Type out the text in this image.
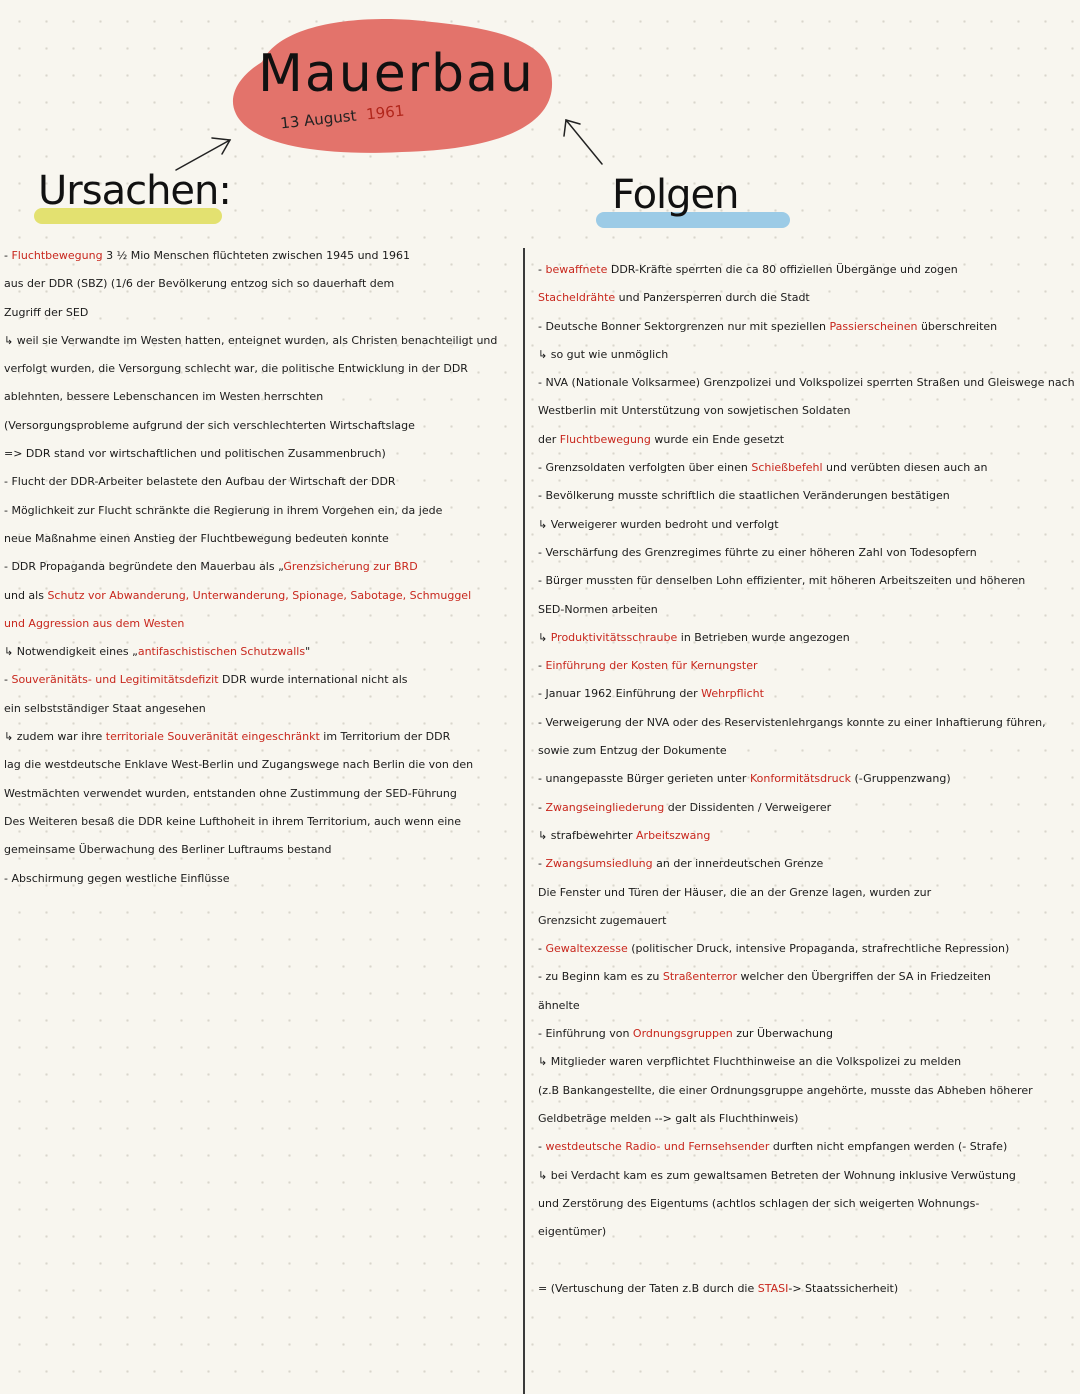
Mauerbau
13 August 1961
Ursachen:	Folgen
- Fluchtbewegung 3 ½ Mio Menschen flüchteten zwischen 1945 und 1961
aus der DDR (SBZ) (1/6 der Bevölkerung entzog sich so dauerhaft dem
Zugriff der SED
↳ weil sie Verwandte im Westen hatten, enteignet wurden, als Christen benachteiligt und
verfolgt wurden, die Versorgung schlecht war, die politische Entwicklung in der DDR
ablehnten, bessere Lebenschancen im Westen herrschten
(Versorgungsprobleme aufgrund der sich verschlechterten Wirtschaftslage
=> DDR stand vor wirtschaftlichen und politischen Zusammenbruch)
- Flucht der DDR-Arbeiter belastete den Aufbau der Wirtschaft der DDR
- Möglichkeit zur Flucht schränkte die Regierung in ihrem Vorgehen ein, da jede
neue Maßnahme einen Anstieg der Fluchtbewegung bedeuten konnte
- DDR Propaganda begründete den Mauerbau als „Grenzsicherung zur BRD
und als Schutz vor Abwanderung, Unterwanderung, Spionage, Sabotage, Schmuggel
und Aggression aus dem Westen
↳ Notwendigkeit eines „antifaschistischen Schutzwalls"
- Souveränitäts- und Legitimitätsdefizit DDR wurde international nicht als
ein selbstständiger Staat angesehen
↳ zudem war ihre territoriale Souveränität eingeschränkt im Territorium der DDR
lag die westdeutsche Enklave West-Berlin und Zugangswege nach Berlin die von den
Westmächten verwendet wurden, entstanden ohne Zustimmung der SED-Führung
Des Weiteren besaß die DDR keine Lufthoheit in ihrem Territorium, auch wenn eine
gemeinsame Überwachung des Berliner Luftraums bestand
- Abschirmung gegen westliche Einflüsse
- bewaffnete DDR-Kräfte sperrten die ca 80 offiziellen Übergänge und zogen
Stacheldrähte und Panzersperren durch die Stadt
- Deutsche Bonner Sektorgrenzen nur mit speziellen Passierscheinen überschreiten
↳ so gut wie unmöglich
- NVA (Nationale Volksarmee) Grenzpolizei und Volkspolizei sperrten Straßen und Gleiswege nach
Westberlin mit Unterstützung von sowjetischen Soldaten
der Fluchtbewegung wurde ein Ende gesetzt
- Grenzsoldaten verfolgten über einen Schießbefehl und verübten diesen auch an
- Bevölkerung musste schriftlich die staatlichen Veränderungen bestätigen
↳ Verweigerer wurden bedroht und verfolgt
- Verschärfung des Grenzregimes führte zu einer höheren Zahl von Todesopfern
- Bürger mussten für denselben Lohn effizienter, mit höheren Arbeitszeiten und höheren
SED-Normen arbeiten
↳ Produktivitätsschraube in Betrieben wurde angezogen
- Einführung der Kosten für Kernungster
- Januar 1962 Einführung der Wehrpflicht
- Verweigerung der NVA oder des Reservistenlehrgangs konnte zu einer Inhaftierung führen,
sowie zum Entzug der Dokumente
- unangepasste Bürger gerieten unter Konformitätsdruck (-Gruppenzwang)
- Zwangseingliederung der Dissidenten / Verweigerer
↳ strafbewehrter Arbeitszwang
- Zwangsumsiedlung an der innerdeutschen Grenze
Die Fenster und Türen der Häuser, die an der Grenze lagen, wurden zur
Grenzsicht zugemauert
- Gewaltexzesse (politischer Druck, intensive Propaganda, strafrechtliche Repression)
- zu Beginn kam es zu Straßenterror welcher den Übergriffen der SA in Friedzeiten
ähnelte
- Einführung von Ordnungsgruppen zur Überwachung
↳ Mitglieder waren verpflichtet Fluchthinweise an die Volkspolizei zu melden
(z.B Bankangestellte, die einer Ordnungsgruppe angehörte, musste das Abheben höherer
Geldbeträge melden --> galt als Fluchthinweis)
- westdeutsche Radio- und Fernsehsender durften nicht empfangen werden (- Strafe)
↳ bei Verdacht kam es zum gewaltsamen Betreten der Wohnung inklusive Verwüstung
und Zerstörung des Eigentums (achtlos schlagen der sich weigerten Wohnungs-
eigentümer)

= (Vertuschung der Taten z.B durch die STASI-> Staatssicherheit)
